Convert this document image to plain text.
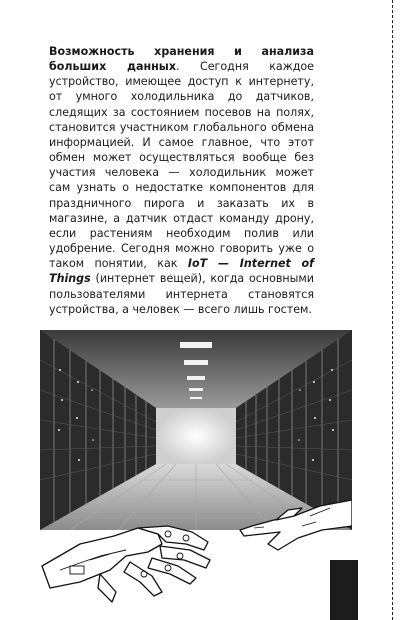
Возможность хранения и анализа больших данных. Сегодня каждое устройство, имеющее доступ к интернету, от умного холодильника до датчиков, следящих за состоянием посевов на полях, становится участником глобального обмена информацией. И самое главное, что этот обмен может осуществляться вообще без участия человека — холодильник может сам узнать о недостатке компонентов для праздничного пирога и заказать их в магазине, а датчик отдаст команду дрону, если растениям необходим полив или удобрение. Сегодня можно говорить уже о таком понятии, как IoT — Internet of Things (интернет вещей), когда основными пользователями интернета становятся устройства, а человек — всего лишь гостем.
